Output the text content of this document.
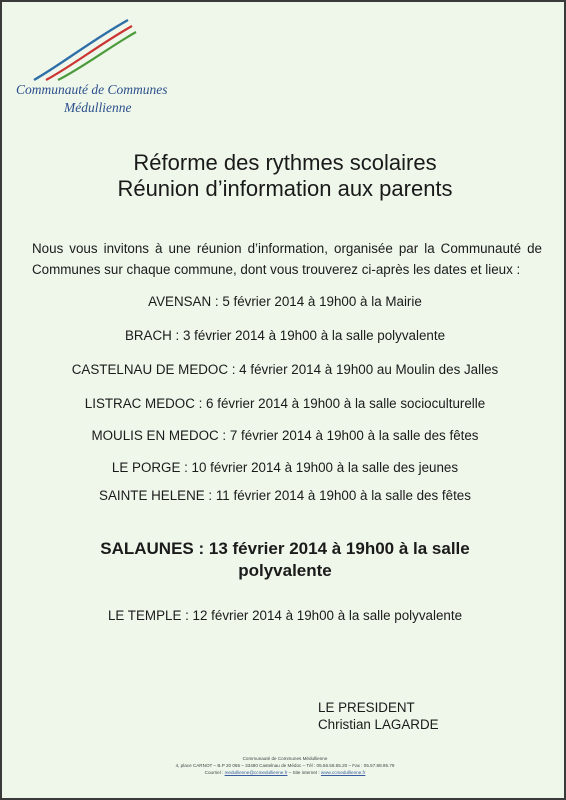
Communauté de Communes
Médullienne
Réforme des rythmes scolaires
Réunion d’information aux parents
Nous vous invitons à une réunion d’information, organisée par la Communauté de Communes sur chaque commune, dont vous trouverez ci-après les dates et lieux :
AVENSAN : 5 février 2014 à 19h00 à la Mairie
BRACH : 3 février 2014 à 19h00 à la salle polyvalente
CASTELNAU DE MEDOC : 4 février 2014 à 19h00 au Moulin des Jalles
LISTRAC MEDOC : 6 février 2014 à 19h00 à la salle socioculturelle
MOULIS EN MEDOC : 7 février 2014 à 19h00 à la salle des fêtes
LE PORGE : 10 février 2014 à 19h00 à la salle des jeunes
SAINTE HELENE : 11 février 2014 à 19h00 à la salle des fêtes
SALAUNES : 13 février 2014 à 19h00 à la salle
polyvalente
LE TEMPLE : 12 février 2014 à 19h00 à la salle polyvalente
LE PRESIDENT
Christian LAGARDE
Communauté de Communes Médullienne
4, place CARNOT – B.P 20 065 – 33480 Castelnau de Médoc – Tél : 05.56.58.65.20 – Fax : 05.57.88.95.79
Courriel : medullienne@ccmedullienne.fr – Site internet : www.ccmedullienne.fr
